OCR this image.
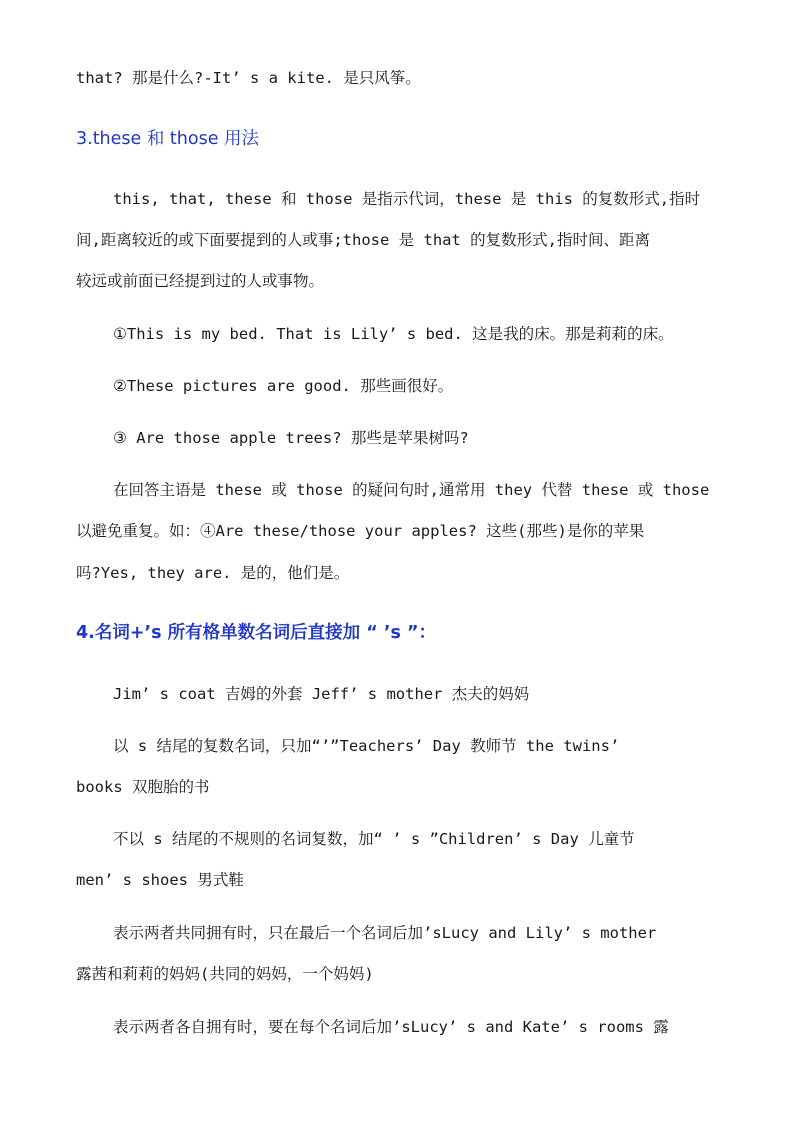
that? 那是什么?-It’ s a kite. 是只风筝。
3.these 和 those 用法
this, that, these 和 those 是指示代词，these 是 this 的复数形式,指时
间,距离较近的或下面要提到的人或事;those 是 that 的复数形式,指时间、距离
较远或前面已经提到过的人或事物。
①This is my bed. That is Lily’ s bed. 这是我的床。那是莉莉的床。
②These pictures are good. 那些画很好。
③ Are those apple trees? 那些是苹果树吗?
在回答主语是 these 或 those 的疑问句时,通常用 they 代替 these 或 those
以避免重复。如：④Are these/those your apples? 这些(那些)是你的苹果
吗?Yes, they are. 是的，他们是。
4.名词+’s 所有格单数名词后直接加 “ ’s ”：
Jim’ s coat 吉姆的外套 Jeff’ s mother 杰夫的妈妈
以 s 结尾的复数名词，只加“’”Teachers’ Day 教师节 the twins’
books 双胞胎的书
不以 s 结尾的不规则的名词复数，加“ ’ s ”Children’ s Day 儿童节
men’ s shoes 男式鞋
表示两者共同拥有时，只在最后一个名词后加’sLucy and Lily’ s mother
露茜和莉莉的妈妈(共同的妈妈，一个妈妈)
表示两者各自拥有时，要在每个名词后加’sLucy’ s and Kate’ s rooms 露
